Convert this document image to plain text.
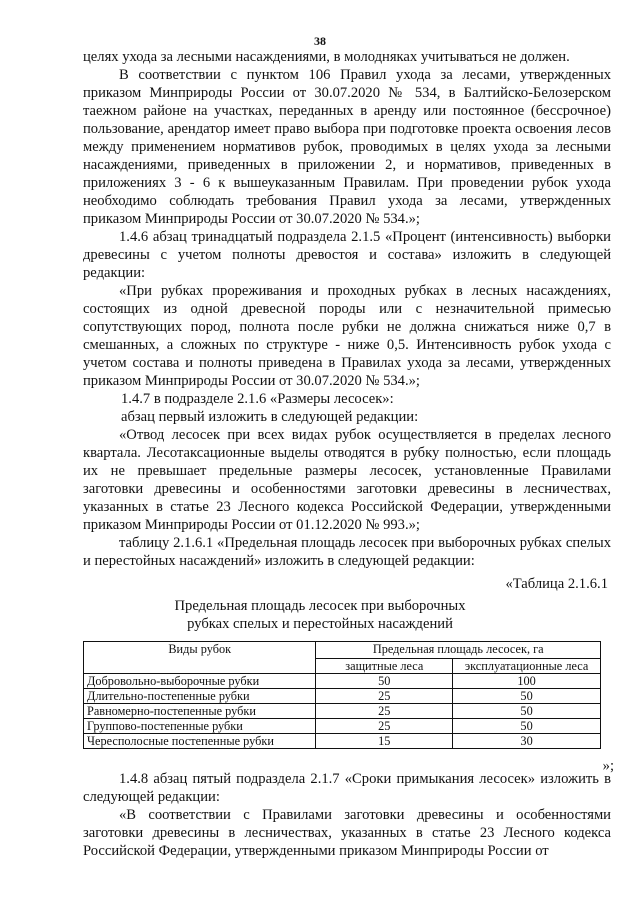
38

целях ухода за лесными насаждениями, в молодняках учитываться не должен.

В соответствии с пунктом 106 Правил ухода за лесами, утвержденных приказом Минприроды России от 30.07.2020 № 534, в Балтийско-Белозерском таежном районе на участках, переданных в аренду или постоянное (бессрочное) пользование, арендатор имеет право выбора при подготовке проекта освоения лесов между применением нормативов рубок, проводимых в целях ухода за лесными насаждениями, приведенных в приложении 2, и нормативов, приведенных в приложениях 3 - 6 к вышеуказанным Правилам. При проведении рубок ухода необходимо соблюдать требования Правил ухода за лесами, утвержденных приказом Минприроды России от 30.07.2020 № 534.»;

1.4.6 абзац тринадцатый подраздела 2.1.5 «Процент (интенсивность) выборки древесины с учетом полноты древостоя и состава» изложить в следующей редакции:

«При рубках прореживания и проходных рубках в лесных насаждениях, состоящих из одной древесной породы или с незначительной примесью сопутствующих пород, полнота после рубки не должна снижаться ниже 0,7 в смешанных, а сложных по структуре - ниже 0,5. Интенсивность рубок ухода с учетом состава и полноты приведена в Правилах ухода за лесами, утвержденных приказом Минприроды России от 30.07.2020 № 534.»;

1.4.7 в подразделе 2.1.6 «Размеры лесосек»:

абзац первый изложить в следующей редакции:

«Отвод лесосек при всех видах рубок осуществляется в пределах лесного квартала. Лесотаксационные выделы отводятся в рубку полностью, если площадь их не превышает предельные размеры лесосек, установленные Правилами заготовки древесины и особенностями заготовки древесины в лесничествах, указанных в статье 23 Лесного кодекса Российской Федерации, утвержденными приказом Минприроды России от 01.12.2020 № 993.»;

таблицу 2.1.6.1 «Предельная площадь лесосек при выборочных рубках спелых и перестойных насаждений» изложить в следующей редакции:

«Таблица 2.1.6.1
Предельная площадь лесосек при выборочных
рубках спелых и перестойных насаждений
Виды рубок	Предельная площадь лесосек, га	
	защитные леса	эксплуатационные леса
Добровольно-выборочные рубки	50	100
Длительно-постепенные рубки	25	50
Равномерно-постепенные рубки	25	50
Группово-постепенные рубки	25	50
Чересполосные постепенные рубки	15	30
»;

1.4.8 абзац пятый подраздела 2.1.7 «Сроки примыкания лесосек» изложить в следующей редакции:

«В соответствии с Правилами заготовки древесины и особенностями заготовки древесины в лесничествах, указанных в статье 23 Лесного кодекса Российской Федерации, утвержденными приказом Минприроды России от
